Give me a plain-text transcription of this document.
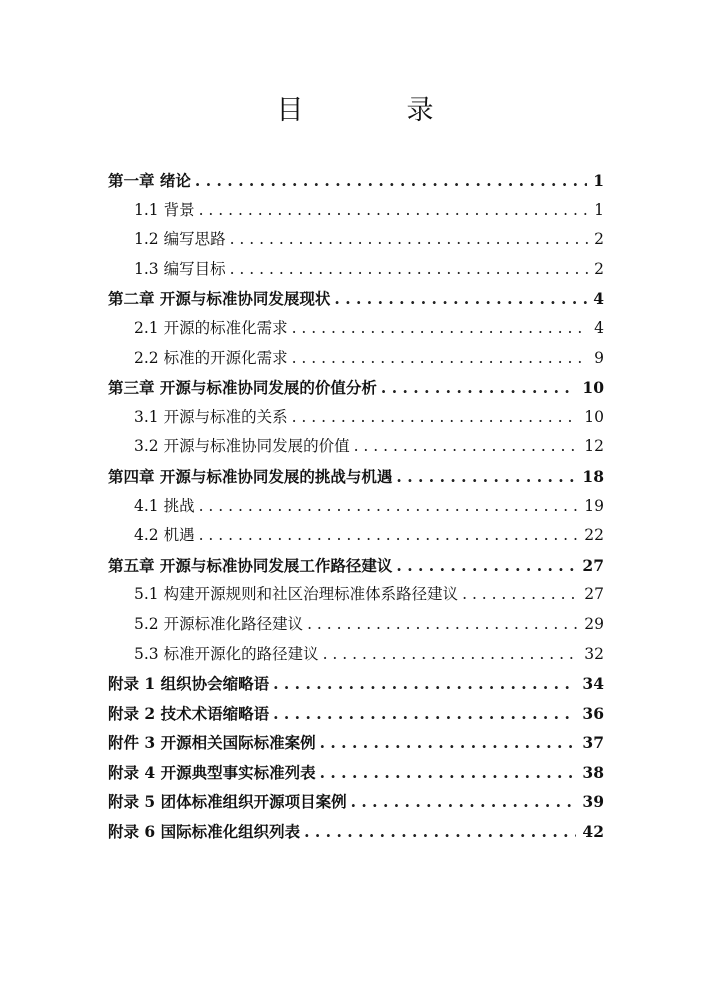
目　录
第一章 绪论 . . .	1
1.1 背景 . . .	1
1.2 编写思路 . . .	2
1.3 编写目标 . . .	2
第二章 开源与标准协同发展现状 . . .	4
2.1 开源的标准化需求 . . .	4
2.2 标准的开源化需求 . . .	9
第三章 开源与标准协同发展的价值分析 . . .	10
3.1 开源与标准的关系 . . .	10
3.2 开源与标准协同发展的价值 . . .	12
第四章 开源与标准协同发展的挑战与机遇 . . .	18
4.1 挑战 . . .	19
4.2 机遇 . . .	22
第五章 开源与标准协同发展工作路径建议 . . .	27
5.1 构建开源规则和社区治理标准体系路径建议 . . .	27
5.2 开源标准化路径建议 . . .	29
5.3 标准开源化的路径建议 . . .	32
附录 1 组织协会缩略语 . . .	34
附录 2 技术术语缩略语 . . .	36
附件 3 开源相关国际标准案例 . . .	37
附录 4 开源典型事实标准列表 . . .	38
附录 5 团体标准组织开源项目案例 . . .	39
附录 6 国际标准化组织列表 . . .	42
